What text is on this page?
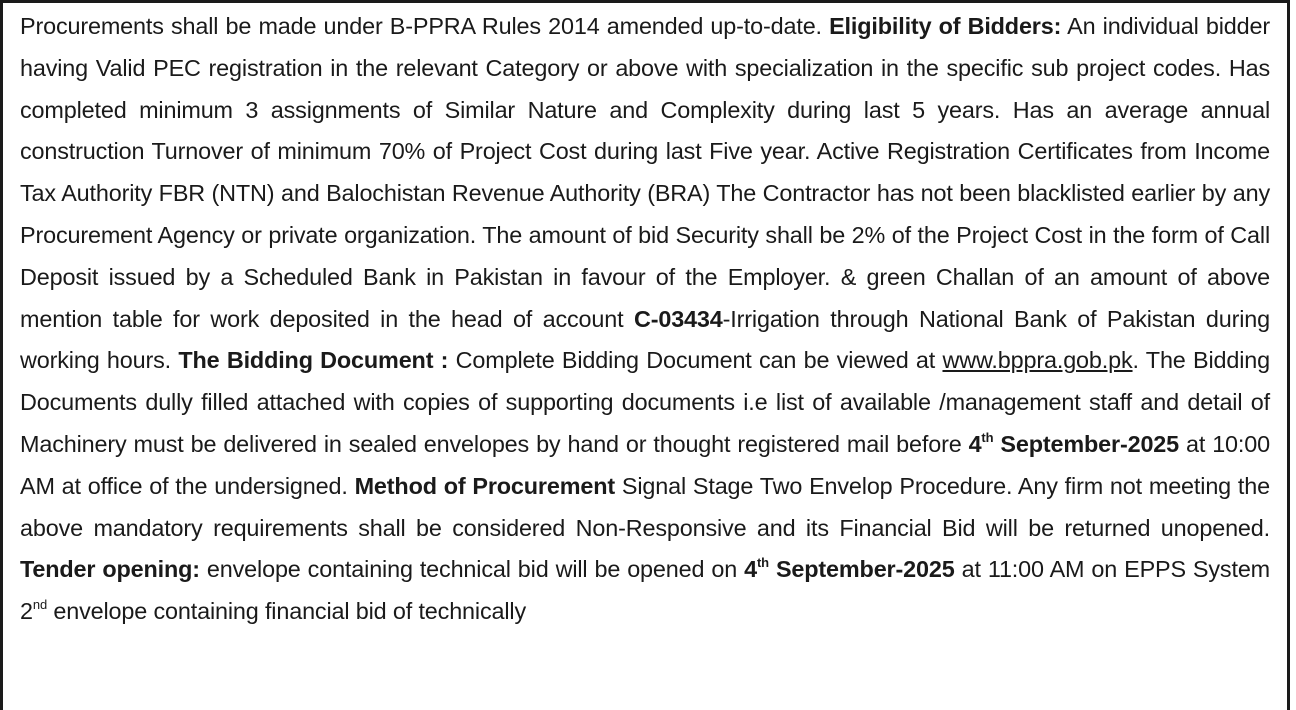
Procurements shall be made under B-PPRA Rules 2014 amended up-to-date. Eligibility of Bidders: An individual bidder having Valid PEC registration in the relevant Category or above with specialization in the specific sub project codes. Has completed minimum 3 assignments of Similar Nature and Complexity during last 5 years. Has an average annual construction Turnover of minimum 70% of Project Cost during last Five year. Active Registration Certificates from Income Tax Authority FBR (NTN) and Balochistan Revenue Authority (BRA) The Contractor has not been blacklisted earlier by any Procurement Agency or private organization. The amount of bid Security shall be 2% of the Project Cost in the form of Call Deposit issued by a Scheduled Bank in Pakistan in favour of the Employer. & green Challan of an amount of above mention table for work deposited in the head of account C-03434-Irrigation through National Bank of Pakistan during working hours. The Bidding Document : Complete Bidding Document can be viewed at www.bppra.gob.pk. The Bidding Documents dully filled attached with copies of supporting documents i.e list of available /management staff and detail of Machinery must be delivered in sealed envelopes by hand or thought registered mail before 4th September-2025 at 10:00 AM at office of the undersigned. Method of Procurement Signal Stage Two Envelop Procedure. Any firm not meeting the above mandatory requirements shall be considered Non-Responsive and its Financial Bid will be returned unopened. Tender opening: envelope containing technical bid will be opened on 4th September-2025 at 11:00 AM on EPPS System 2nd envelope containing financial bid of technically
